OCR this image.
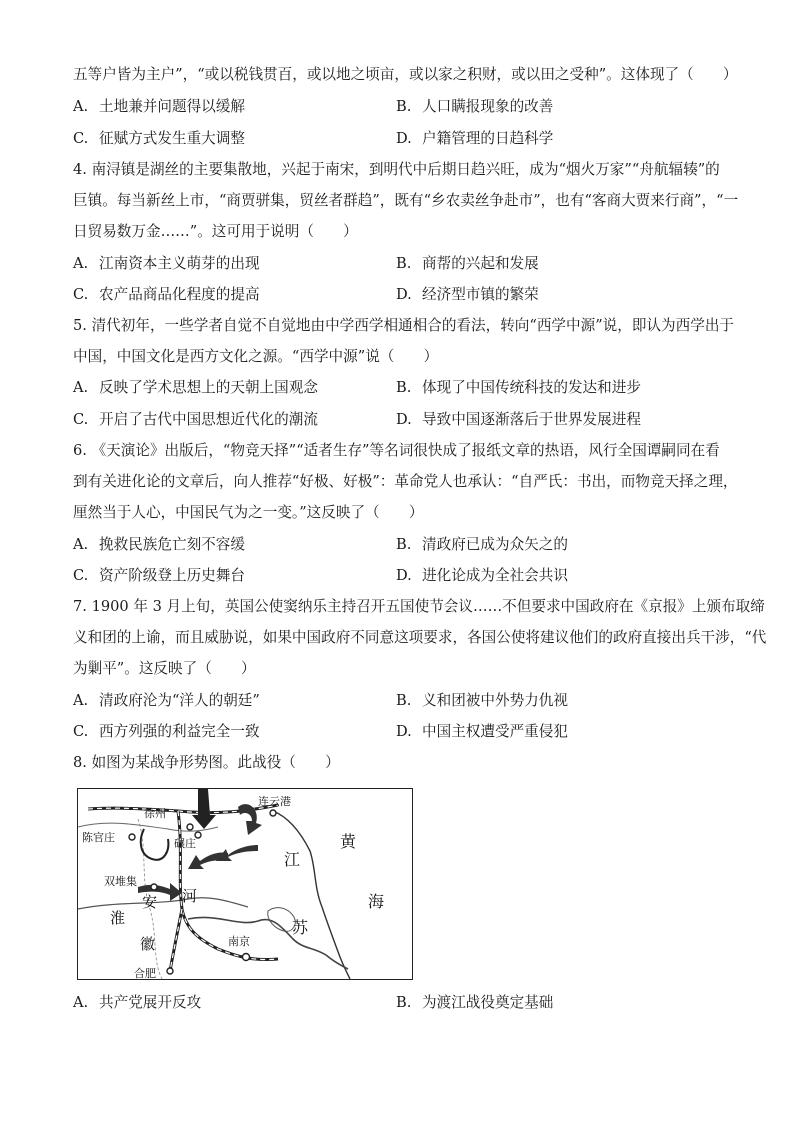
五等户皆为主户”，“或以税钱贯百，或以地之顷亩，或以家之积财，或以田之受种”。这体现了（　　）
A. 土地兼并问题得以缓解	B. 人口瞒报现象的改善
C. 征赋方式发生重大调整	D. 户籍管理的日趋科学
4. 南浔镇是湖丝的主要集散地，兴起于南宋，到明代中后期日趋兴旺，成为“烟火万家”“舟航辐辏”的
巨镇。每当新丝上市，“商贾骈集，贸丝者群趋”，既有“乡农卖丝争赴市”，也有“客商大贾来行商”，“一
日贸易数万金……”。这可用于说明（　　）
A. 江南资本主义萌芽的出现	B. 商帮的兴起和发展
C. 农产品商品化程度的提高	D. 经济型市镇的繁荣
5. 清代初年，一些学者自觉不自觉地由中学西学相通相合的看法，转向“西学中源”说，即认为西学出于
中国，中国文化是西方文化之源。“西学中源”说（　　）
A. 反映了学术思想上的天朝上国观念	B. 体现了中国传统科技的发达和进步
C. 开启了古代中国思想近代化的潮流	D. 导致中国逐渐落后于世界发展进程
6. 《天演论》出版后，“物竞天择”“适者生存”等名词很快成了报纸文章的热语，风行全国谭嗣同在看
到有关进化论的文章后，向人推荐“好极、好极”：革命党人也承认：“自严氏：书出，而物竞天择之理，
厘然当于人心，中国民气为之一变。”这反映了（　　）
A. 挽救民族危亡刻不容缓	B. 清政府已成为众矢之的
C. 资产阶级登上历史舞台	D. 进化论成为全社会共识
7. 1900 年 3 月上旬，英国公使窦纳乐主持召开五国使节会议……不但要求中国政府在《京报》上颁布取缔
义和团的上谕，而且威胁说，如果中国政府不同意这项要求，各国公使将建议他们的政府直接出兵干涉，“代
为剿平”。这反映了（　　）
A. 清政府沦为“洋人的朝廷”	B. 义和团被中外势力仇视
C. 西方列强的利益完全一致	D. 中国主权遭受严重侵犯
8. 如图为某战争形势图。此战役（　　）
徐州
连云港
陈官庄	碾庄
双堆集
安 河
淮
徽
合肥
南京
江
苏
黄
海
A. 共产党展开反攻	B. 为渡江战役奠定基础
